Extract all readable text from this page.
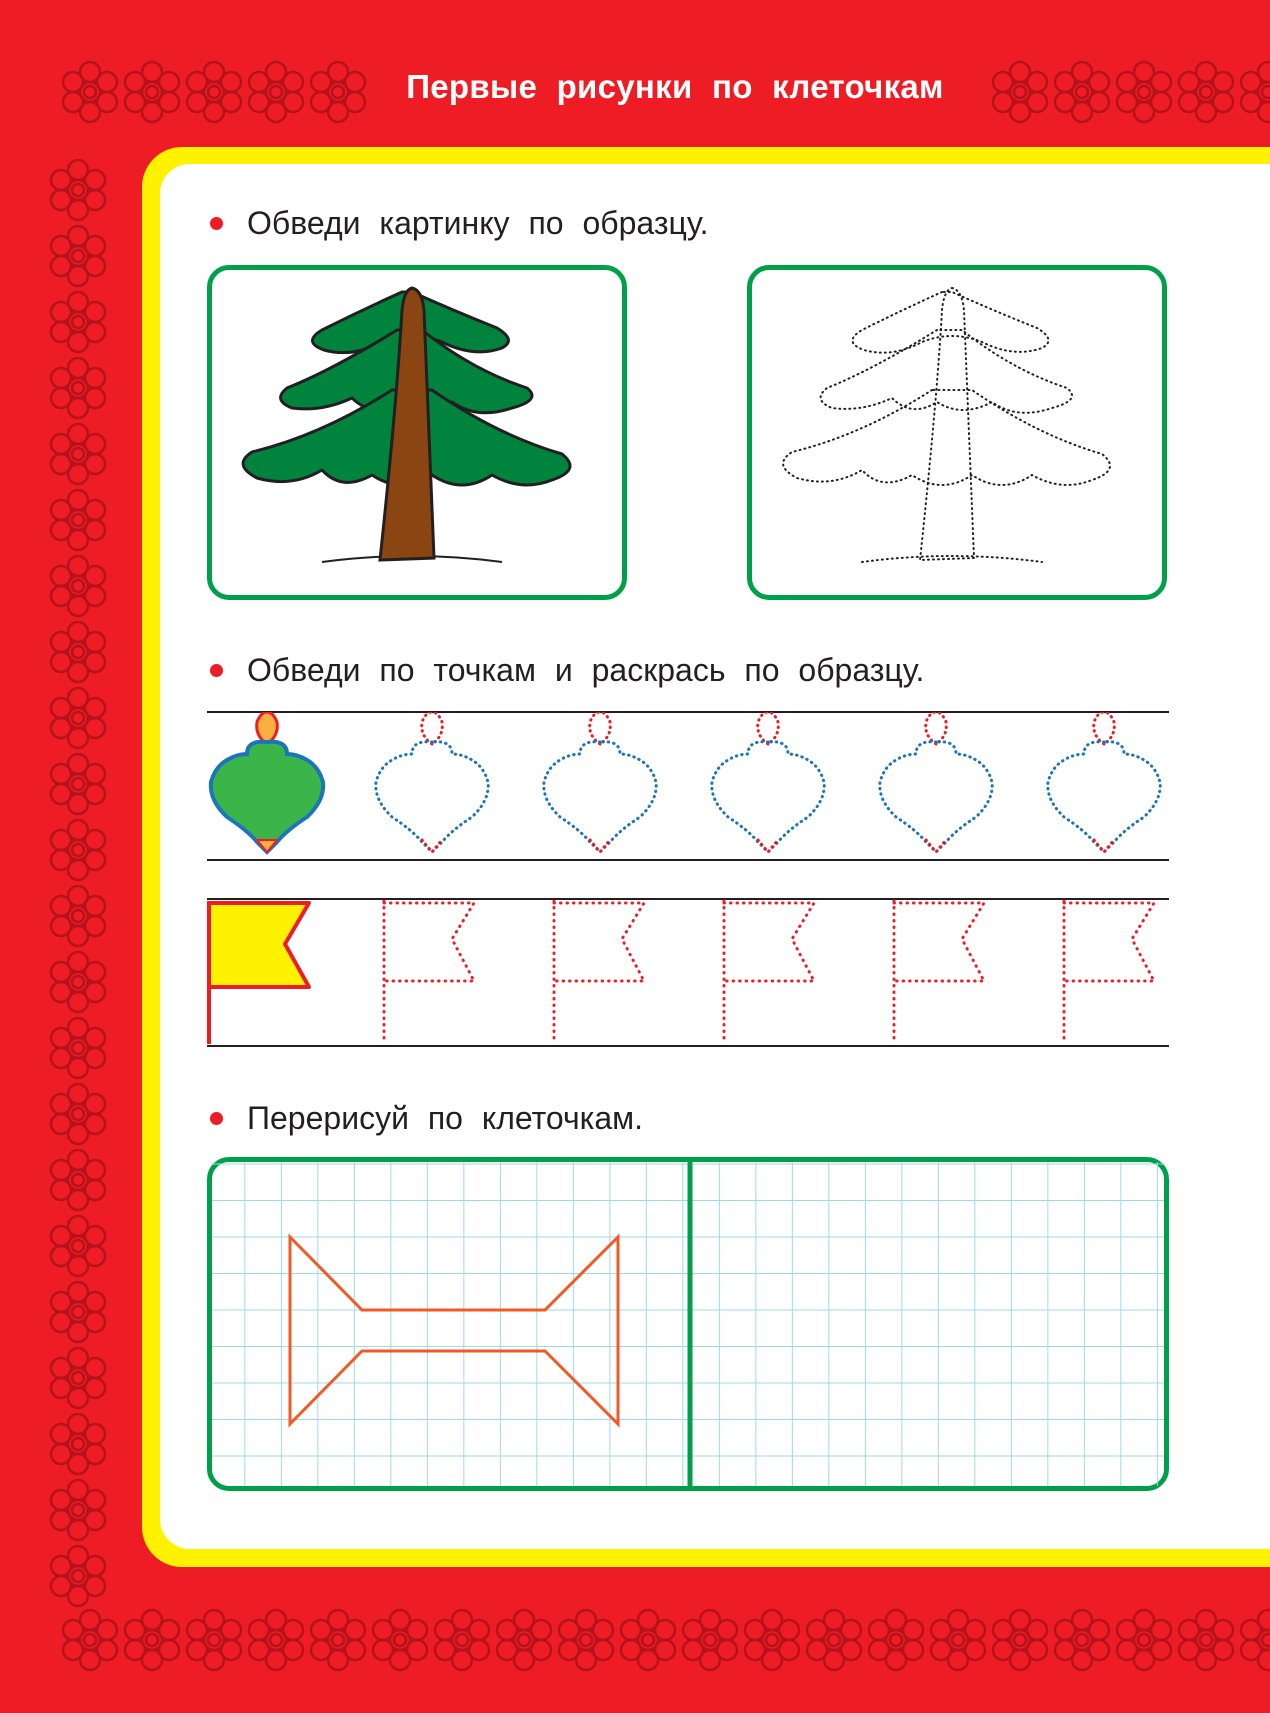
Первые рисунки по клеточкам
Обведи картинку по образцу.
Обведи по точкам и раскрась по образцу.
Перерисуй по клеточкам.
